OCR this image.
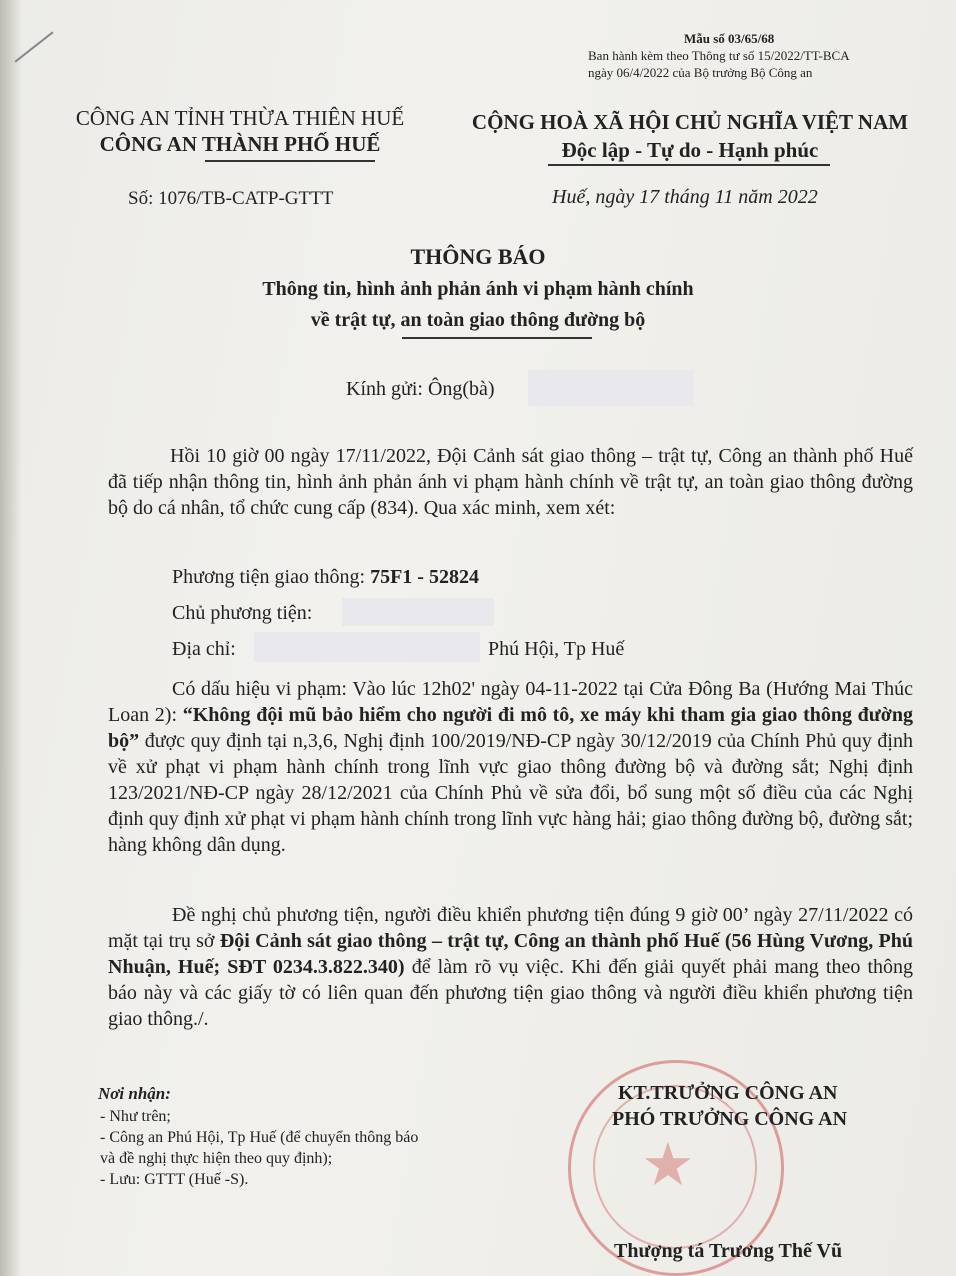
Mẫu số 03/65/68
Ban hành kèm theo Thông tư số 15/2022/TT-BCA
ngày 06/4/2022 của Bộ trưởng Bộ Công an
CÔNG AN TỈNH THỪA THIÊN HUẾ
CÔNG AN THÀNH PHỐ HUẾ
Số: 1076/TB-CATP-GTTT
CỘNG HOÀ XÃ HỘI CHỦ NGHĨA VIỆT NAM
Độc lập - Tự do - Hạnh phúc
Huế, ngày 17 tháng 11 năm 2022
THÔNG BÁO
Thông tin, hình ảnh phản ánh vi phạm hành chính
về trật tự, an toàn giao thông đường bộ
Kính gửi: Ông(bà)
Hồi 10 giờ 00 ngày 17/11/2022, Đội Cảnh sát giao thông – trật tự, Công an thành phố Huế đã tiếp nhận thông tin, hình ảnh phản ánh vi phạm hành chính về trật tự, an toàn giao thông đường bộ do cá nhân, tổ chức cung cấp (834). Qua xác minh, xem xét:
Phương tiện giao thông: 75F1 - 52824
Chủ phương tiện:
Địa chỉ:	Phú Hội, Tp Huế
Có dấu hiệu vi phạm: Vào lúc 12h02' ngày 04-11-2022 tại Cửa Đông Ba (Hướng Mai Thúc Loan 2): “Không đội mũ bảo hiểm cho người đi mô tô, xe máy khi tham gia giao thông đường bộ” được quy định tại n,3,6, Nghị định 100/2019/NĐ-CP ngày 30/12/2019 của Chính Phủ quy định về xử phạt vi phạm hành chính trong lĩnh vực giao thông đường bộ và đường sắt; Nghị định 123/2021/NĐ-CP ngày 28/12/2021 của Chính Phủ về sửa đổi, bổ sung một số điều của các Nghị định quy định xử phạt vi phạm hành chính trong lĩnh vực hàng hải; giao thông đường bộ, đường sắt; hàng không dân dụng.
Đề nghị chủ phương tiện, người điều khiển phương tiện đúng 9 giờ 00’ ngày 27/11/2022 có mặt tại trụ sở Đội Cảnh sát giao thông – trật tự, Công an thành phố Huế (56 Hùng Vương, Phú Nhuận, Huế; SĐT 0234.3.822.340) để làm rõ vụ việc. Khi đến giải quyết phải mang theo thông báo này và các giấy tờ có liên quan đến phương tiện giao thông và người điều khiển phương tiện giao thông./.
Nơi nhận:
- Như trên;
- Công an Phú Hội, Tp Huế (để chuyển thông báo
và đề nghị thực hiện theo quy định);
- Lưu: GTTT (Huế -S).	★
KT.TRƯỞNG CÔNG AN
PHÓ TRƯỞNG CÔNG AN
Thượng tá Trương Thế Vũ
